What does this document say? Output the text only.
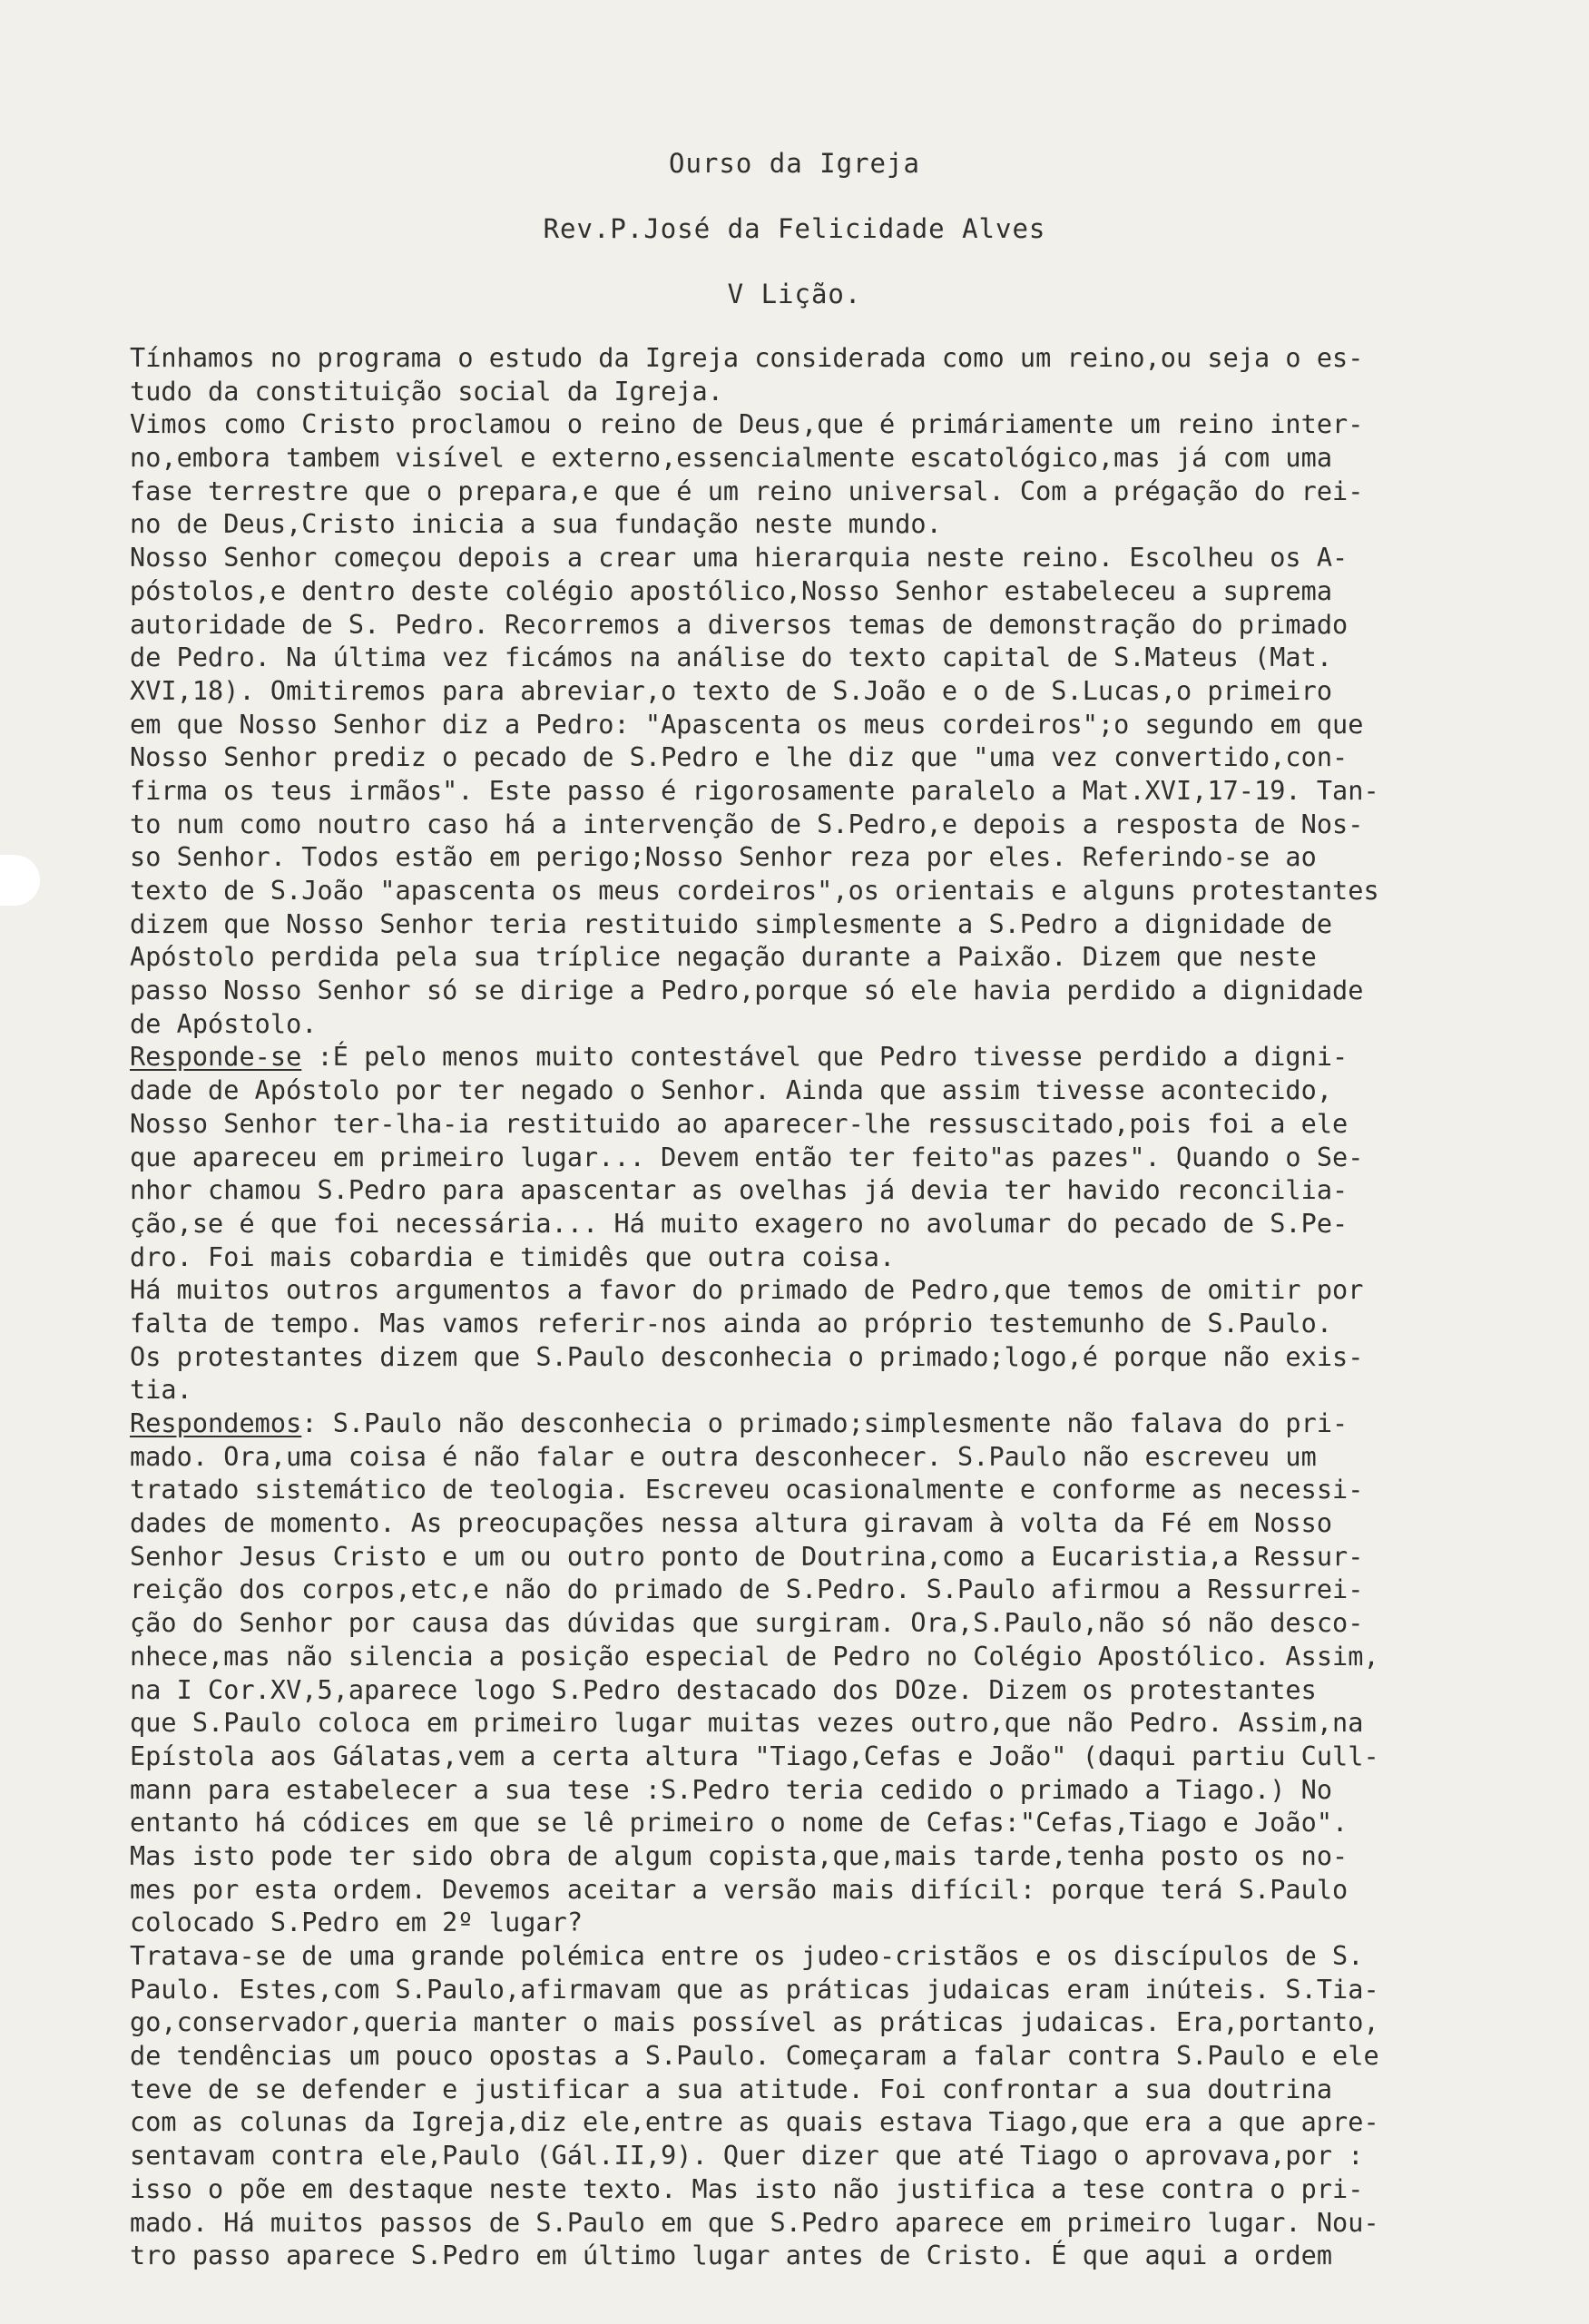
Ourso da Igreja
Rev.P.José da Felicidade Alves
V Lição.
Tínhamos no programa o estudo da Igreja considerada como um reino,ou seja o es-
tudo da constituição social da Igreja.
Vimos como Cristo proclamou o reino de Deus,que é primáriamente um reino inter-
no,embora tambem visível e externo,essencialmente escatológico,mas já com uma
fase terrestre que o prepara,e que é um reino universal. Com a prégação do rei-
no de Deus,Cristo inicia a sua fundação neste mundo.
Nosso Senhor começou depois a crear uma hierarquia neste reino. Escolheu os A-
póstolos,e dentro deste colégio apostólico,Nosso Senhor estabeleceu a suprema
autoridade de S. Pedro. Recorremos a diversos temas de demonstração do primado
de Pedro. Na última vez ficámos na análise do texto capital de S.Mateus (Mat.
XVI,18). Omitiremos para abreviar,o texto de S.João e o de S.Lucas,o primeiro
em que Nosso Senhor diz a Pedro: "Apascenta os meus cordeiros";o segundo em que
Nosso Senhor prediz o pecado de S.Pedro e lhe diz que "uma vez convertido,con-
firma os teus irmãos". Este passo é rigorosamente paralelo a Mat.XVI,17-19. Tan-
to num como noutro caso há a intervenção de S.Pedro,e depois a resposta de Nos-
so Senhor. Todos estão em perigo;Nosso Senhor reza por eles. Referindo-se ao
texto de S.João "apascenta os meus cordeiros",os orientais e alguns protestantes
dizem que Nosso Senhor teria restituido simplesmente a S.Pedro a dignidade de
Apóstolo perdida pela sua tríplice negação durante a Paixão. Dizem que neste
passo Nosso Senhor só se dirige a Pedro,porque só ele havia perdido a dignidade
de Apóstolo.
Responde-se :É pelo menos muito contestável que Pedro tivesse perdido a digni-
dade de Apóstolo por ter negado o Senhor. Ainda que assim tivesse acontecido,
Nosso Senhor ter-lha-ia restituido ao aparecer-lhe ressuscitado,pois foi a ele
que apareceu em primeiro lugar... Devem então ter feito"as pazes". Quando o Se-
nhor chamou S.Pedro para apascentar as ovelhas já devia ter havido reconcilia-
ção,se é que foi necessária... Há muito exagero no avolumar do pecado de S.Pe-
dro. Foi mais cobardia e timidês que outra coisa.
Há muitos outros argumentos a favor do primado de Pedro,que temos de omitir por
falta de tempo. Mas vamos referir-nos ainda ao próprio testemunho de S.Paulo.
Os protestantes dizem que S.Paulo desconhecia o primado;logo,é porque não exis-
tia.
Respondemos: S.Paulo não desconhecia o primado;simplesmente não falava do pri-
mado. Ora,uma coisa é não falar e outra desconhecer. S.Paulo não escreveu um
tratado sistemático de teologia. Escreveu ocasionalmente e conforme as necessi-
dades de momento. As preocupações nessa altura giravam à volta da Fé em Nosso
Senhor Jesus Cristo e um ou outro ponto de Doutrina,como a Eucaristia,a Ressur-
reição dos corpos,etc,e não do primado de S.Pedro. S.Paulo afirmou a Ressurrei-
ção do Senhor por causa das dúvidas que surgiram. Ora,S.Paulo,não só não desco-
nhece,mas não silencia a posição especial de Pedro no Colégio Apostólico. Assim,
na I Cor.XV,5,aparece logo S.Pedro destacado dos DOze. Dizem os protestantes
que S.Paulo coloca em primeiro lugar muitas vezes outro,que não Pedro. Assim,na
Epístola aos Gálatas,vem a certa altura "Tiago,Cefas e João" (daqui partiu Cull-
mann para estabelecer a sua tese :S.Pedro teria cedido o primado a Tiago.) No
entanto há códices em que se lê primeiro o nome de Cefas:"Cefas,Tiago e João".
Mas isto pode ter sido obra de algum copista,que,mais tarde,tenha posto os no-
mes por esta ordem. Devemos aceitar a versão mais difícil: porque terá S.Paulo
colocado S.Pedro em 2º lugar?
Tratava-se de uma grande polémica entre os judeo-cristãos e os discípulos de S.
Paulo. Estes,com S.Paulo,afirmavam que as práticas judaicas eram inúteis. S.Tia-
go,conservador,queria manter o mais possível as práticas judaicas. Era,portanto,
de tendências um pouco opostas a S.Paulo. Começaram a falar contra S.Paulo e ele
teve de se defender e justificar a sua atitude. Foi confrontar a sua doutrina
com as colunas da Igreja,diz ele,entre as quais estava Tiago,que era a que apre-
sentavam contra ele,Paulo (Gál.II,9). Quer dizer que até Tiago o aprovava,por :
isso o põe em destaque neste texto. Mas isto não justifica a tese contra o pri-
mado. Há muitos passos de S.Paulo em que S.Pedro aparece em primeiro lugar. Nou-
tro passo aparece S.Pedro em último lugar antes de Cristo. É que aqui a ordem
